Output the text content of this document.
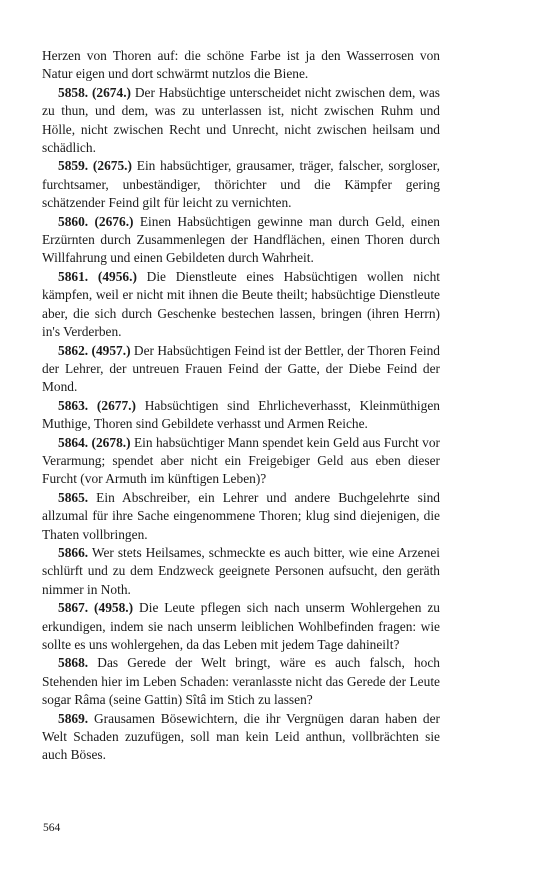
Herzen von Thoren auf: die schöne Farbe ist ja den Wasserrosen von Natur eigen und dort schwärmt nutzlos die Biene.

5858. (2674.) Der Habsüchtige unterscheidet nicht zwischen dem, was zu thun, und dem, was zu unterlassen ist, nicht zwischen Ruhm und Hölle, nicht zwischen Recht und Unrecht, nicht zwischen heilsam und schädlich.

5859. (2675.) Ein habsüchtiger, grausamer, träger, falscher, sorgloser, furchtsamer, unbeständiger, thörichter und die Kämpfer gering schätzender Feind gilt für leicht zu vernichten.

5860. (2676.) Einen Habsüchtigen gewinne man durch Geld, einen Erzürnten durch Zusammenlegen der Handflächen, einen Thoren durch Willfahrung und einen Gebildeten durch Wahrheit.

5861. (4956.) Die Dienstleute eines Habsüchtigen wollen nicht kämpfen, weil er nicht mit ihnen die Beute theilt; habsüchtige Dienstleute aber, die sich durch Geschenke bestechen lassen, bringen (ihren Herrn) in's Verderben.

5862. (4957.) Der Habsüchtigen Feind ist der Bettler, der Thoren Feind der Lehrer, der untreuen Frauen Feind der Gatte, der Diebe Feind der Mond.

5863. (2677.) Habsüchtigen sind Ehrlicheverhasst, Kleinmüthigen Muthige, Thoren sind Gebildete verhasst und Armen Reiche.

5864. (2678.) Ein habsüchtiger Mann spendet kein Geld aus Furcht vor Verarmung; spendet aber nicht ein Freigebiger Geld aus eben dieser Furcht (vor Armuth im künftigen Leben)?

5865. Ein Abschreiber, ein Lehrer und andere Buchgelehrte sind allzumal für ihre Sache eingenommene Thoren; klug sind diejenigen, die Thaten vollbringen.

5866. Wer stets Heilsames, schmeckte es auch bitter, wie eine Arzenei schlürft und zu dem Endzweck geeignete Personen aufsucht, den geräth nimmer in Noth.

5867. (4958.) Die Leute pflegen sich nach unserm Wohlergehen zu erkundigen, indem sie nach unserm leiblichen Wohlbefinden fragen: wie sollte es uns wohlergehen, da das Leben mit jedem Tage dahineilt?

5868. Das Gerede der Welt bringt, wäre es auch falsch, hoch Stehenden hier im Leben Schaden: veranlasste nicht das Gerede der Leute sogar Râma (seine Gattin) Sîtâ im Stich zu lassen?

5869. Grausamen Bösewichtern, die ihr Vergnügen daran haben der Welt Schaden zuzufügen, soll man kein Leid anthun, vollbrächten sie auch Böses.

564
